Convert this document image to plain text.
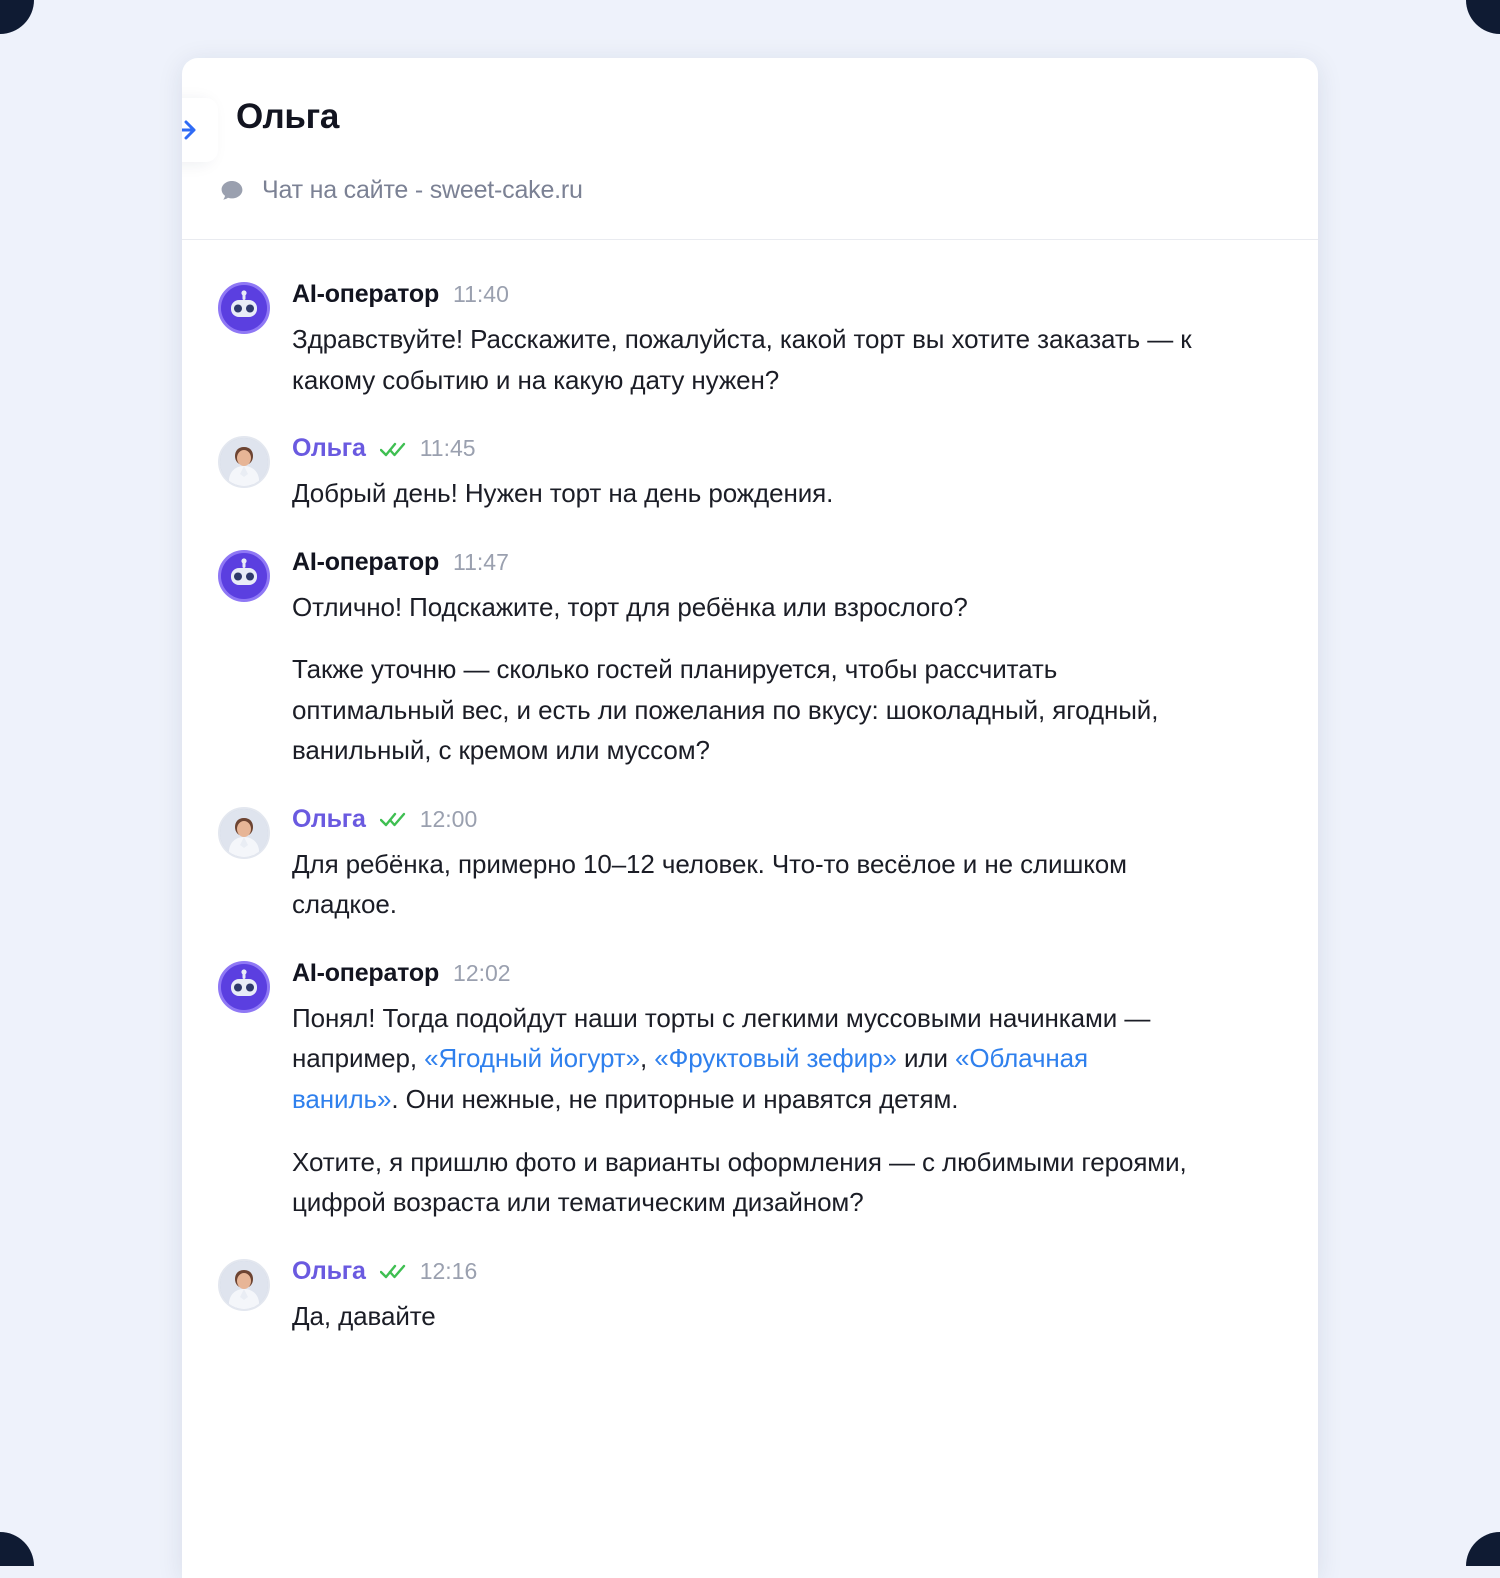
Ольга
Чат на сайте - sweet-cake.ru
AI-оператор 11:40

Здравствуйте! Расскажите, пожалуйста, какой торт вы хотите заказать — к какому событию и на какую дату нужен?

Ольга 11:45

Добрый день! Нужен торт на день рождения.

AI-оператор 11:47

Отлично! Подскажите, торт для ребёнка или взрослого?

Также уточню — сколько гостей планируется, чтобы рассчитать оптимальный вес, и есть ли пожелания по вкусу: шоколадный, ягодный, ванильный, с кремом или муссом?

Ольга 12:00

Для ребёнка, примерно 10–12 человек. Что-то весёлое и не слишком сладкое.

AI-оператор 12:02

Понял! Тогда подойдут наши торты с легкими муссовыми начинками — например, «Ягодный йогурт», «Фруктовый зефир» или «Облачная ваниль». Они нежные, не приторные и нравятся детям.

Хотите, я пришлю фото и варианты оформления — с любимыми героями, цифрой возраста или тематическим дизайном?

Ольга 12:16

Да, давайте
